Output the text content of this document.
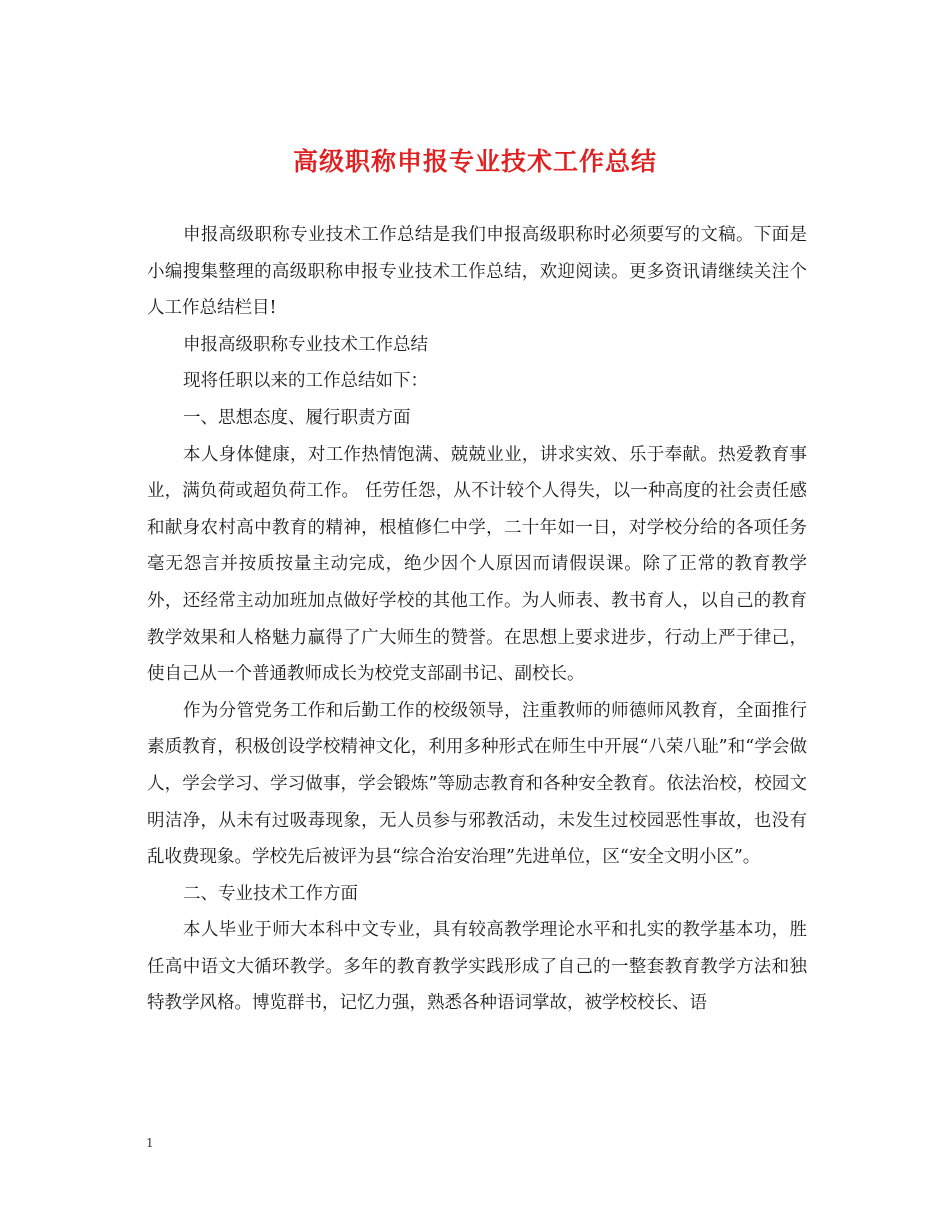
高级职称申报专业技术工作总结

申报高级职称专业技术工作总结是我们申报高级职称时必须要写的文稿。下面是小编搜集整理的高级职称申报专业技术工作总结，欢迎阅读。更多资讯请继续关注个人工作总结栏目!

申报高级职称专业技术工作总结

现将任职以来的工作总结如下：

一、思想态度、履行职责方面

本人身体健康，对工作热情饱满、兢兢业业，讲求实效、乐于奉献。热爱教育事业，满负荷或超负荷工作。 任劳任怨，从不计较个人得失，以一种高度的社会责任感和献身农村高中教育的精神，根植修仁中学，二十年如一日，对学校分给的各项任务毫无怨言并按质按量主动完成，绝少因个人原因而请假误课。除了正常的教育教学外，还经常主动加班加点做好学校的其他工作。为人师表、教书育人，以自己的教育教学效果和人格魅力赢得了广大师生的赞誉。在思想上要求进步，行动上严于律己，使自己从一个普通教师成长为校党支部副书记、副校长。

作为分管党务工作和后勤工作的校级领导，注重教师的师德师风教育，全面推行素质教育，积极创设学校精神文化，利用多种形式在师生中开展“八荣八耻”和“学会做人，学会学习、学习做事，学会锻炼”等励志教育和各种安全教育。依法治校，校园文明洁净，从未有过吸毒现象，无人员参与邪教活动，未发生过校园恶性事故，也没有乱收费现象。学校先后被评为县“综合治安治理”先进单位，区“安全文明小区”。

二、专业技术工作方面

本人毕业于师大本科中文专业，具有较高教学理论水平和扎实的教学基本功，胜任高中语文大循环教学。多年的教育教学实践形成了自己的一整套教育教学方法和独特教学风格。博览群书，记忆力强，熟悉各种语词掌故，被学校校长、语

1
